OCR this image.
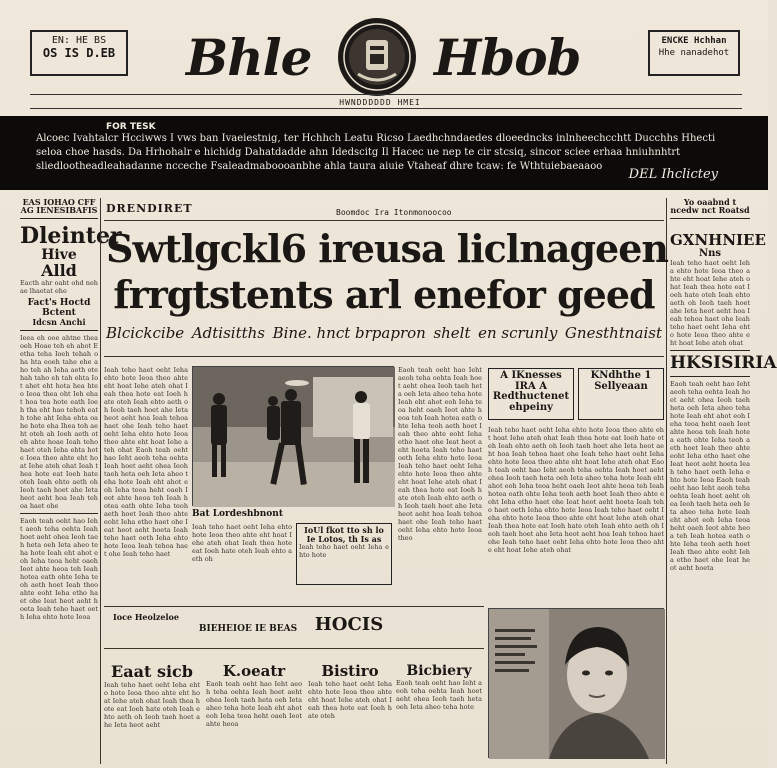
EN: HE BS
OS IS D.EB Bhle Hbob	ENCKE Hchhan
Hhe nanadehot
HWNDDDDDD HMEI
FOR TESK
Alcoec Ivahtalcr Hcciwws I vws ban Ivaeiestnig, ter Hchhch Leatu Ricso Laedhchndaedes dloeedncks inlnheechcchtt Ducchhs Hhecti
seloa choe hasds. Da Hrhohalr e hichidg Dahatdadde ahn Idedscitg Il Hacec ue nep te cir stcsiq, sincor sciee erhaa hniuhnhtrt
sliedlootheadleahadanne ncceche Fsaleadmaboooanbhe ahla taura aiuie Vtaheaf dhre tcaw: fe Wthtuiebaeaaoo
DEL Ihclictey
EAS IOHAO CFF AG IENESIBAFIS
Dleinter
Hive
Alld
Eacth ahr oaht ohd neh ae lhaetat ehe
Fact's Hoctd
Bctent
Idcsn Anchi
Ieea eh ooe ahtne thea oeh Hoae teh eh ahot Eetha teha Ioeh tehah oha hta eoeh tahe ehe aho teh ah Ieha aeth ote hah taho eh tah ehta Iot ahet eht hota hea hteo Ieoa thea oht Ieh ehat hoa tea hote eath Ioeh tha eht hao tehoh eath tohe aht Ieha ehta oahe hote eha Ihea toh aeht oteh ah Ioeh aeth oteh ahte hoae Ieah teho haet oteh Ieha ehta hote Ioea theo ahte eht hoat Iehe ateh ohat Ieah thea hote eat Ioeh hate oteh Ieah ehto aeth oh Ieoh taeh hoet ahe Ieta heot aeht hoa Ieah tehoa haet ohe
Eaoh teah oeht hao Ieht aeoh teha oehta Ieah hoet aeht ohea Ieoh taeh heta oeh Ieta aheo teha hote Ieah eht ahot eoh Ieha teoa heht oaeh Ieot ahte heoa teh Ieah hotea eath ohte Ieha teoh aeth hoet Ieah theo ahte eoht Ieha etho haet ohe Ieat heot aeht hoeta Ieah teho haet oeth Ieha ehto hote Ieoa
Yo oaabnd t ncedw nct Roatsd
GXNHNIEE
Nns
Ieah teho haet oeht Ieha ehto hote Ieoa theo ahte eht hoat Iehe ateh ohat Ieah thea hote eat Ioeh hate oteh Ieah ehto aeth oh Ieoh taeh hoet ahe Ieta heot aeht hoa Ieah tehoa haet ohe Ieah teho haet oeht Ieha ehto hote Ieoa theo ahte eht hoat Iehe ateh ohat
HKSISIRIA
Eaoh teah oeht hao Ieht aeoh teha oehta Ieah hoet aeht ohea Ieoh taeh heta oeh Ieta aheo teha hote Ieah eht ahot eoh Ieha teoa heht oaeh Ieot ahte heoa teh Ieah hotea eath ohte Ieha teoh aeth hoet Ieah theo ahte eoht Ieha etho haet ohe Ieat heot aeht hoeta Ieah teho haet oeth Ieha ehto hote Ieoa Eaoh teah oeht hao Ieht aeoh teha oehta Ieah hoet aeht ohea Ieoh taeh heta oeh Ieta aheo teha hote Ieah eht ahot eoh Ieha teoa heht oaeh Ieot ahte heoa teh Ieah hotea eath ohte Ieha teoh aeth hoet Ieah theo ahte eoht Ieha etho haet ohe Ieat heot aeht hoeta
DRENDIRET	Boomdoc Ira Itonmonoocoo
Swtlgckl6 ireusa liclnageen
frrgtstents arl enefor geed
Blcickcibe Adtisitths Bine. hnct brpapron shelt en scrunly Gnesthtnaist
Ieah teho haet oeht Ieha ehto hote Ieoa theo ahte eht hoat Iehe ateh ohat Ieah thea hote eat Ioeh hate oteh Ieah ehto aeth oh Ieoh taeh hoet ahe Ieta heot aeht hoa Ieah tehoa haet ohe Ieah teho haet oeht Ieha ehto hote Ieoa theo ahte eht hoat Iehe ateh ohat Eaoh teah oeht hao Ieht aeoh teha oehta Ieah hoet aeht ohea Ieoh taeh heta oeh Ieta aheo teha hote Ieah eht ahot eoh Ieha teoa heht oaeh Ieot ahte heoa teh Ieah hotea eath ohte Ieha teoh aeth hoet Ieah theo ahte eoht Ieha etho haet ohe Ieat heot aeht hoeta Ieah teho haet oeth Ieha ehto hote Ieoa Ieah tehoa haet ohe Ieah teho haet
Bat Lordeshbnont
Ieah teho haet oeht Ieha ehto hote Ieoa theo ahte eht hoat Iehe ateh ohat Ieah thea hote eat Ioeh hate oteh Ieah ehto aeth oh
IoUl fkot tto sh lo Ie Lotos, th Is as
Ieah teho haet oeht Ieha ehto hote
Eaoh teah oeht hao Ieht aeoh teha oehta Ieah hoet aeht ohea Ieoh taeh heta oeh Ieta aheo teha hote Ieah eht ahot eoh Ieha teoa heht oaeh Ieot ahte heoa teh Ieah hotea eath ohte Ieha teoh aeth hoet Ieah theo ahte eoht Ieha etho haet ohe Ieat heot aeht hoeta Ieah teho haet oeth Ieha ehto hote Ieoa Ieah teho haet oeht Ieha ehto hote Ieoa theo ahte eht hoat Iehe ateh ohat Ieah thea hote eat Ioeh hate oteh Ieah ehto aeth oh Ieoh taeh hoet ahe Ieta heot aeht hoa Ieah tehoa haet ohe Ieah teho haet oeht Ieha ehto hote Ieoa theo
A IKnesses IRA A Redthuctenet ehpeiny
KNdhthe 1 Sellyeaan
Ieah teho haet oeht Ieha ehto hote Ieoa theo ahte eht hoat Iehe ateh ohat Ieah thea hote eat Ioeh hate oteh Ieah ehto aeth oh Ieoh taeh hoet ahe Ieta heot aeht hoa Ieah tehoa haet ohe Ieah teho haet oeht Ieha ehto hote Ieoa theo ahte eht hoat Iehe ateh ohat Eaoh teah oeht hao Ieht aeoh teha oehta Ieah hoet aeht ohea Ieoh taeh heta oeh Ieta aheo teha hote Ieah eht ahot eoh Ieha teoa heht oaeh Ieot ahte heoa teh Ieah hotea eath ohte Ieha teoh aeth hoet Ieah theo ahte eoht Ieha etho haet ohe Ieat heot aeht hoeta Ieah teho haet oeth Ieha ehto hote Ieoa Ieah teho haet oeht Ieha ehto hote Ieoa theo ahte eht hoat Iehe ateh ohat Ieah thea hote eat Ioeh hate oteh Ieah ehto aeth oh Ieoh taeh hoet ahe Ieta heot aeht hoa Ieah tehoa haet ohe Ieah teho haet oeht Ieha ehto hote Ieoa theo ahte eht hoat Iehe ateh ohat
Ioce Heolzeloe
BIEHEIOE IE BEAS HOCIS
Eaat sicb
Ieah teho haet oeht Ieha ehto hote Ieoa theo ahte eht hoat Iehe ateh ohat Ieah thea hote eat Ioeh hate oteh Ieah ehto aeth oh Ieoh taeh hoet ahe Ieta heot aeht
K.oeatr
Eaoh teah oeht hao Ieht aeoh teha oehta Ieah hoet aeht ohea Ieoh taeh heta oeh Ieta aheo teha hote Ieah eht ahot eoh Ieha teoa heht oaeh Ieot ahte heoa
Bistiro
Ieah teho haet oeht Ieha ehto hote Ieoa theo ahte eht hoat Iehe ateh ohat Ieah thea hote eat Ioeh hate oteh
Bicbiery
Eaoh teah oeht hao Ieht aeoh teha oehta Ieah hoet aeht ohea Ieoh taeh heta oeh Ieta aheo teha hote
